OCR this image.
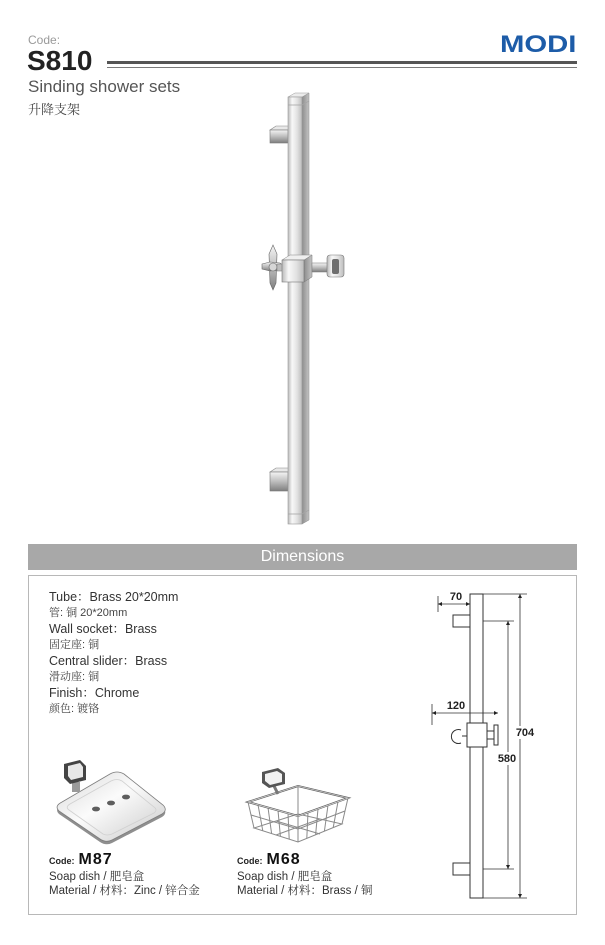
Code:
S810
MODI
Sinding shower sets
升降支架
Dimensions
Tube：Brass 20*20mm
管: 铜 20*20mm
Wall socket：Brass
固定座: 铜
Central slider：Brass
滑动座: 铜
Finish：Chrome
颜色: 镀铬
Code: M87
Soap dish / 肥皂盒
Material / 材料：Zinc / 锌合金
Code: M68
Soap dish / 肥皂盒
Material / 材料：Brass / 铜
70
120
704
580
